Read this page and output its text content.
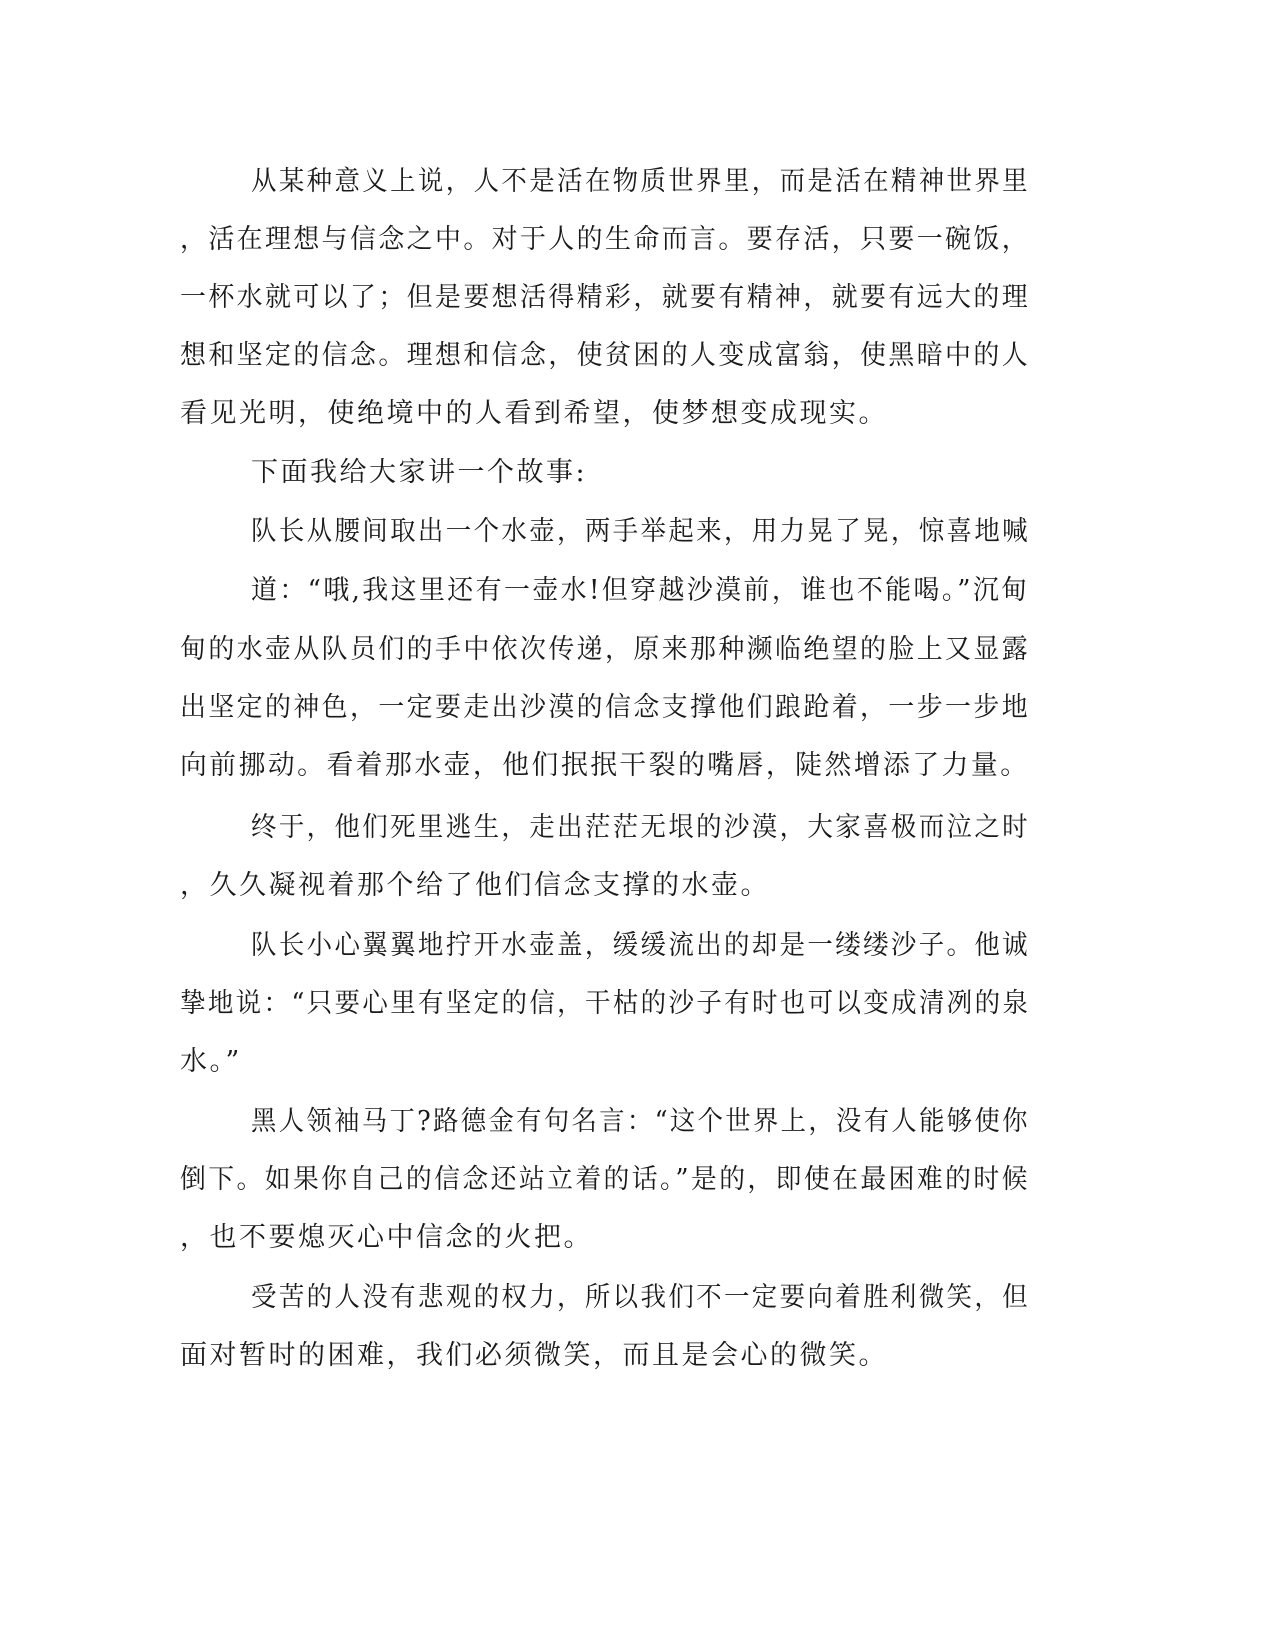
从某种意义上说，人不是活在物质世界里，而是活在精神世界里
，活在理想与信念之中。对于人的生命而言。要存活，只要一碗饭，
一杯水就可以了；但是要想活得精彩，就要有精神，就要有远大的理
想和坚定的信念。理想和信念，使贫困的人变成富翁，使黑暗中的人
看见光明，使绝境中的人看到希望，使梦想变成现实。
下面我给大家讲一个故事:
队长从腰间取出一个水壶，两手举起来，用力晃了晃，惊喜地喊
道：“哦,我这里还有一壶水!但穿越沙漠前，谁也不能喝。”沉甸
甸的水壶从队员们的手中依次传递，原来那种濒临绝望的脸上又显露
出坚定的神色，一定要走出沙漠的信念支撑他们踉跄着，一步一步地
向前挪动。看着那水壶，他们抿抿干裂的嘴唇，陡然增添了力量。
终于，他们死里逃生，走出茫茫无垠的沙漠，大家喜极而泣之时
，久久凝视着那个给了他们信念支撑的水壶。
队长小心翼翼地拧开水壶盖，缓缓流出的却是一缕缕沙子。他诚
挚地说：“只要心里有坚定的信，干枯的沙子有时也可以变成清冽的泉
水。”
黑人领袖马丁?路德金有句名言：“这个世界上，没有人能够使你
倒下。如果你自己的信念还站立着的话。”是的，即使在最困难的时候
，也不要熄灭心中信念的火把。
受苦的人没有悲观的权力，所以我们不一定要向着胜利微笑，但
面对暂时的困难，我们必须微笑，而且是会心的微笑。
